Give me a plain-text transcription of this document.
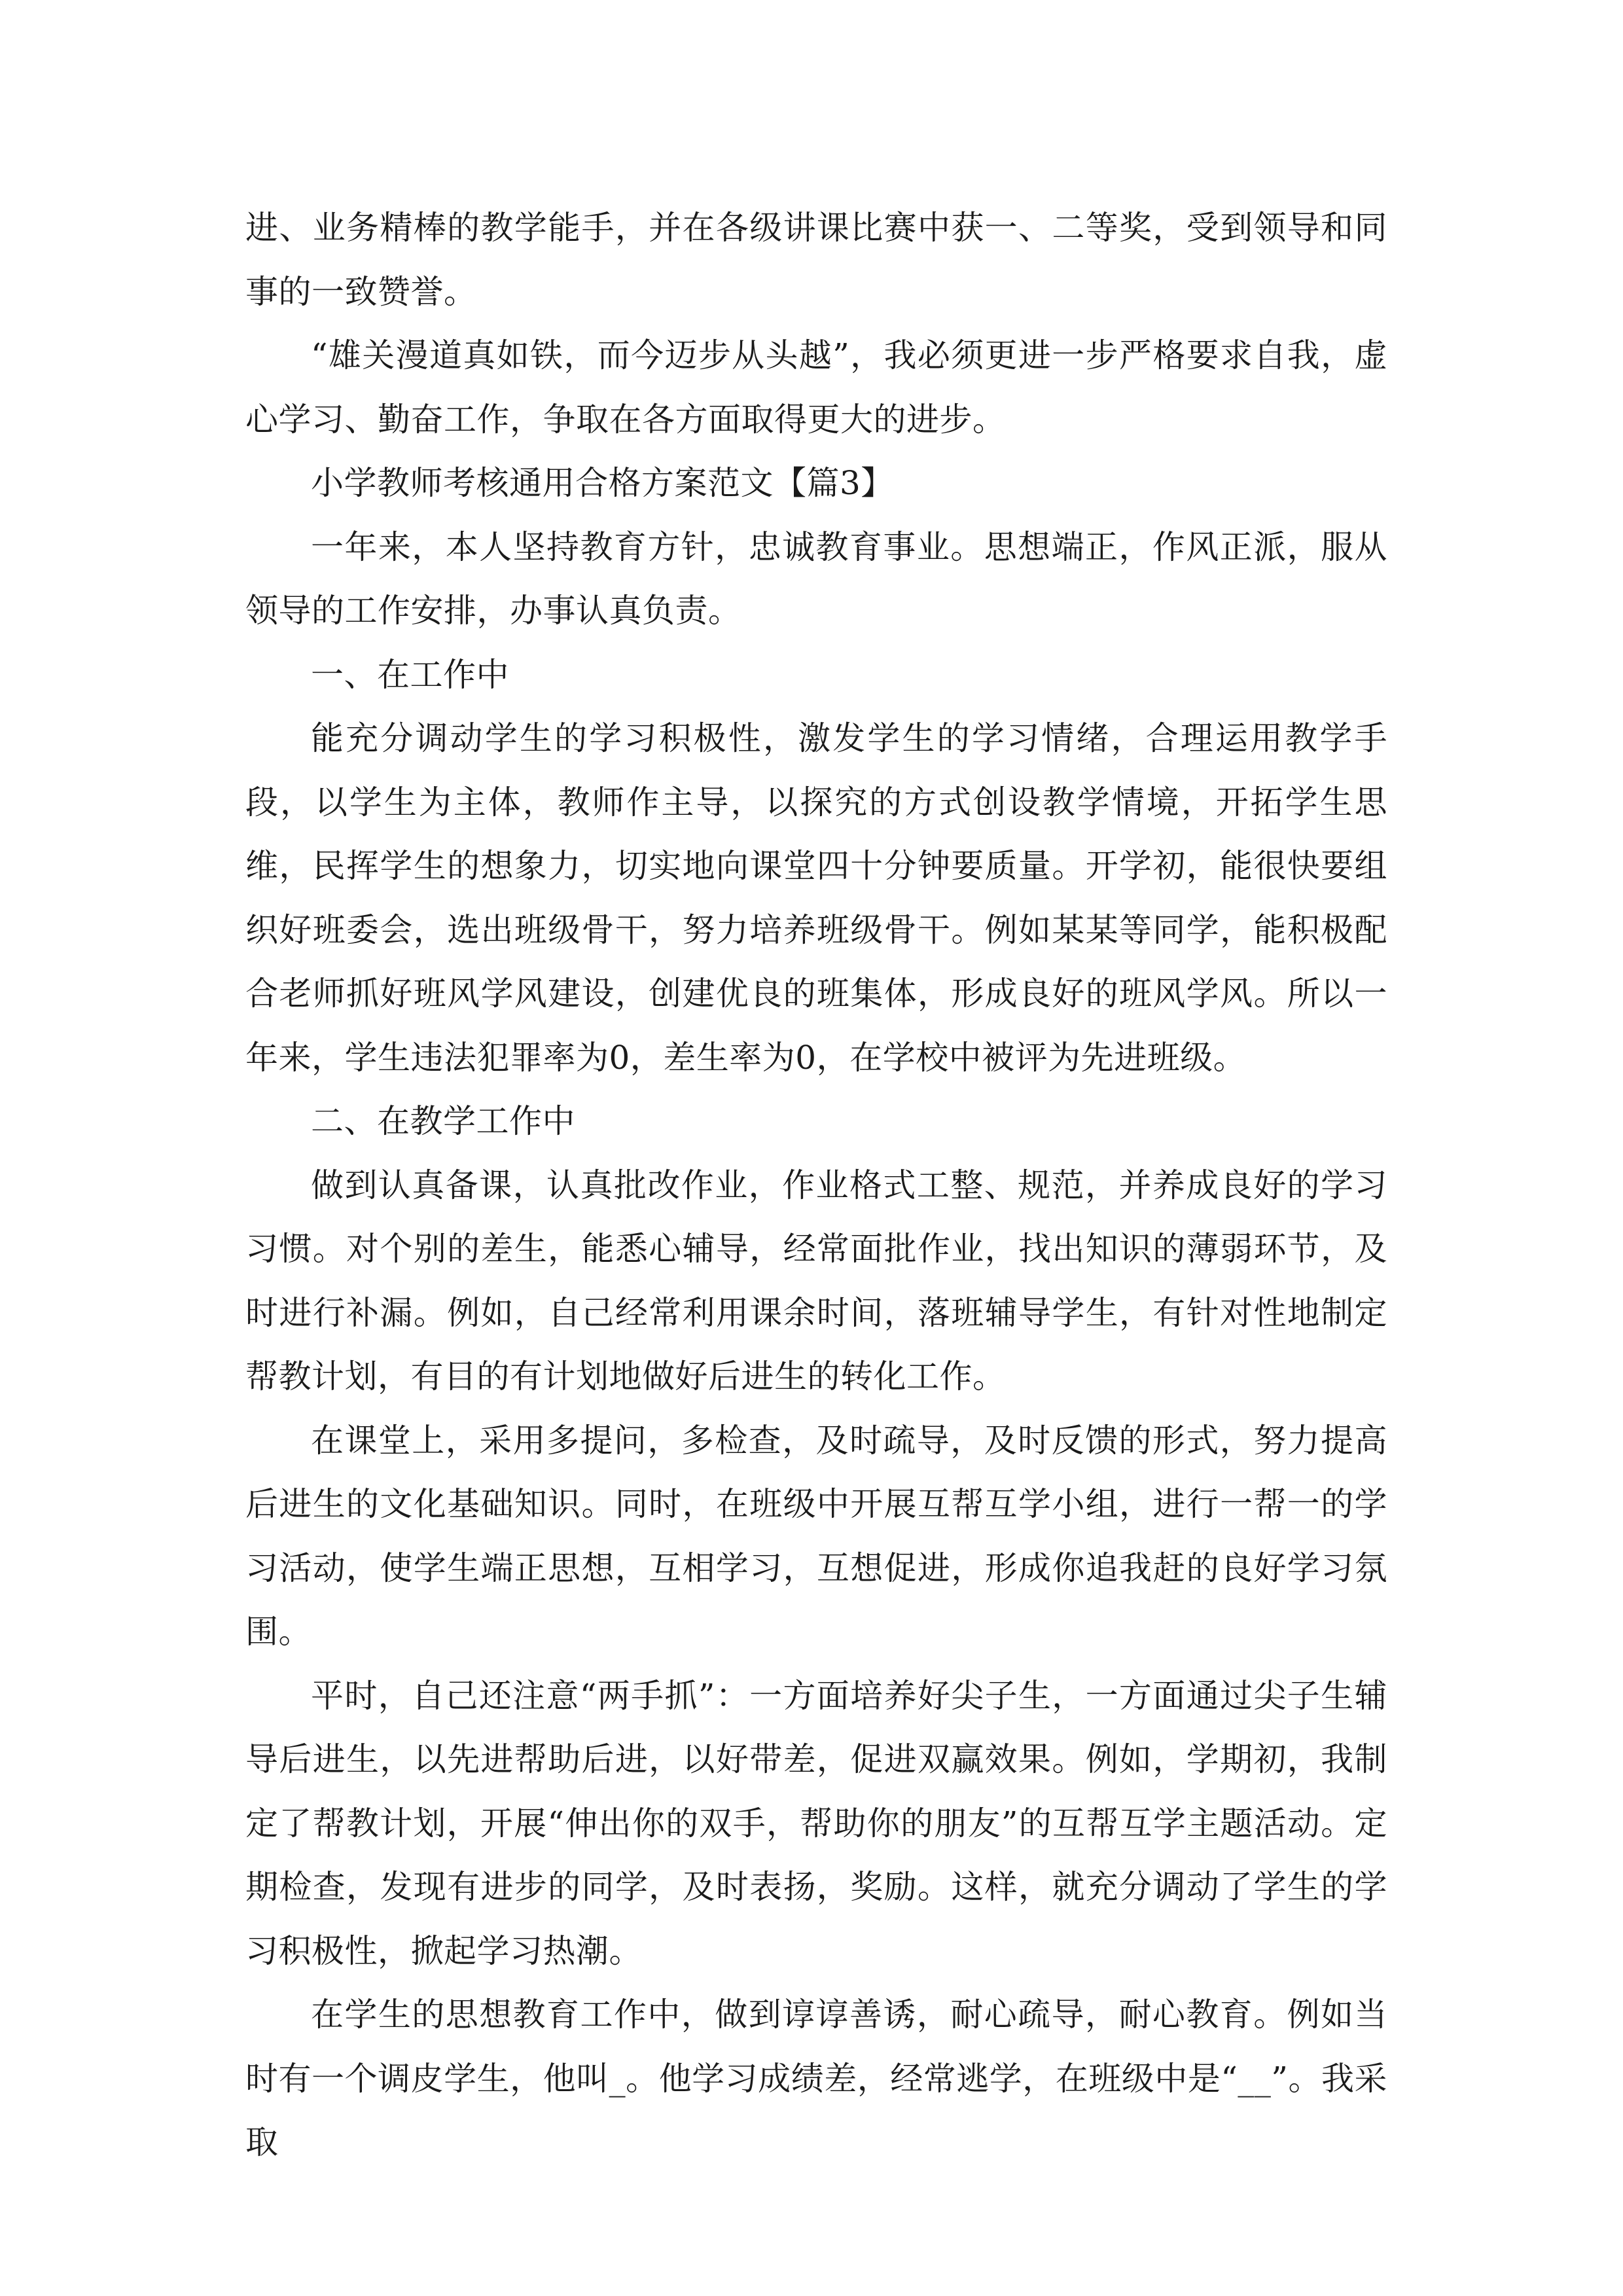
进、业务精棒的教学能手，并在各级讲课比赛中获一、二等奖，受到领导和同事的一致赞誉。

“雄关漫道真如铁，而今迈步从头越”，我必须更进一步严格要求自我，虚心学习、勤奋工作，争取在各方面取得更大的进步。

小学教师考核通用合格方案范文【篇3】

一年来，本人坚持教育方针，忠诚教育事业。思想端正，作风正派，服从领导的工作安排，办事认真负责。

一、在工作中

能充分调动学生的学习积极性，激发学生的学习情绪，合理运用教学手段，以学生为主体，教师作主导，以探究的方式创设教学情境，开拓学生思维，民挥学生的想象力，切实地向课堂四十分钟要质量。开学初，能很快要组织好班委会，选出班级骨干，努力培养班级骨干。例如某某等同学，能积极配合老师抓好班风学风建设，创建优良的班集体，形成良好的班风学风。所以一年来，学生违法犯罪率为0，差生率为0，在学校中被评为先进班级。

二、在教学工作中

做到认真备课，认真批改作业，作业格式工整、规范，并养成良好的学习习惯。对个别的差生，能悉心辅导，经常面批作业，找出知识的薄弱环节，及时进行补漏。例如，自己经常利用课余时间，落班辅导学生，有针对性地制定帮教计划，有目的有计划地做好后进生的转化工作。

在课堂上，采用多提问，多检查，及时疏导，及时反馈的形式，努力提高后进生的文化基础知识。同时，在班级中开展互帮互学小组，进行一帮一的学习活动，使学生端正思想，互相学习，互想促进，形成你追我赶的良好学习氛围。

平时，自己还注意“两手抓”：一方面培养好尖子生，一方面通过尖子生辅导后进生，以先进帮助后进，以好带差，促进双赢效果。例如，学期初，我制定了帮教计划，开展“伸出你的双手，帮助你的朋友”的互帮互学主题活动。定期检查，发现有进步的同学，及时表扬，奖励。这样，就充分调动了学生的学习积极性，掀起学习热潮。

在学生的思想教育工作中，做到谆谆善诱，耐心疏导，耐心教育。例如当时有一个调皮学生，他叫_。他学习成绩差，经常逃学，在班级中是“__”。我采取
